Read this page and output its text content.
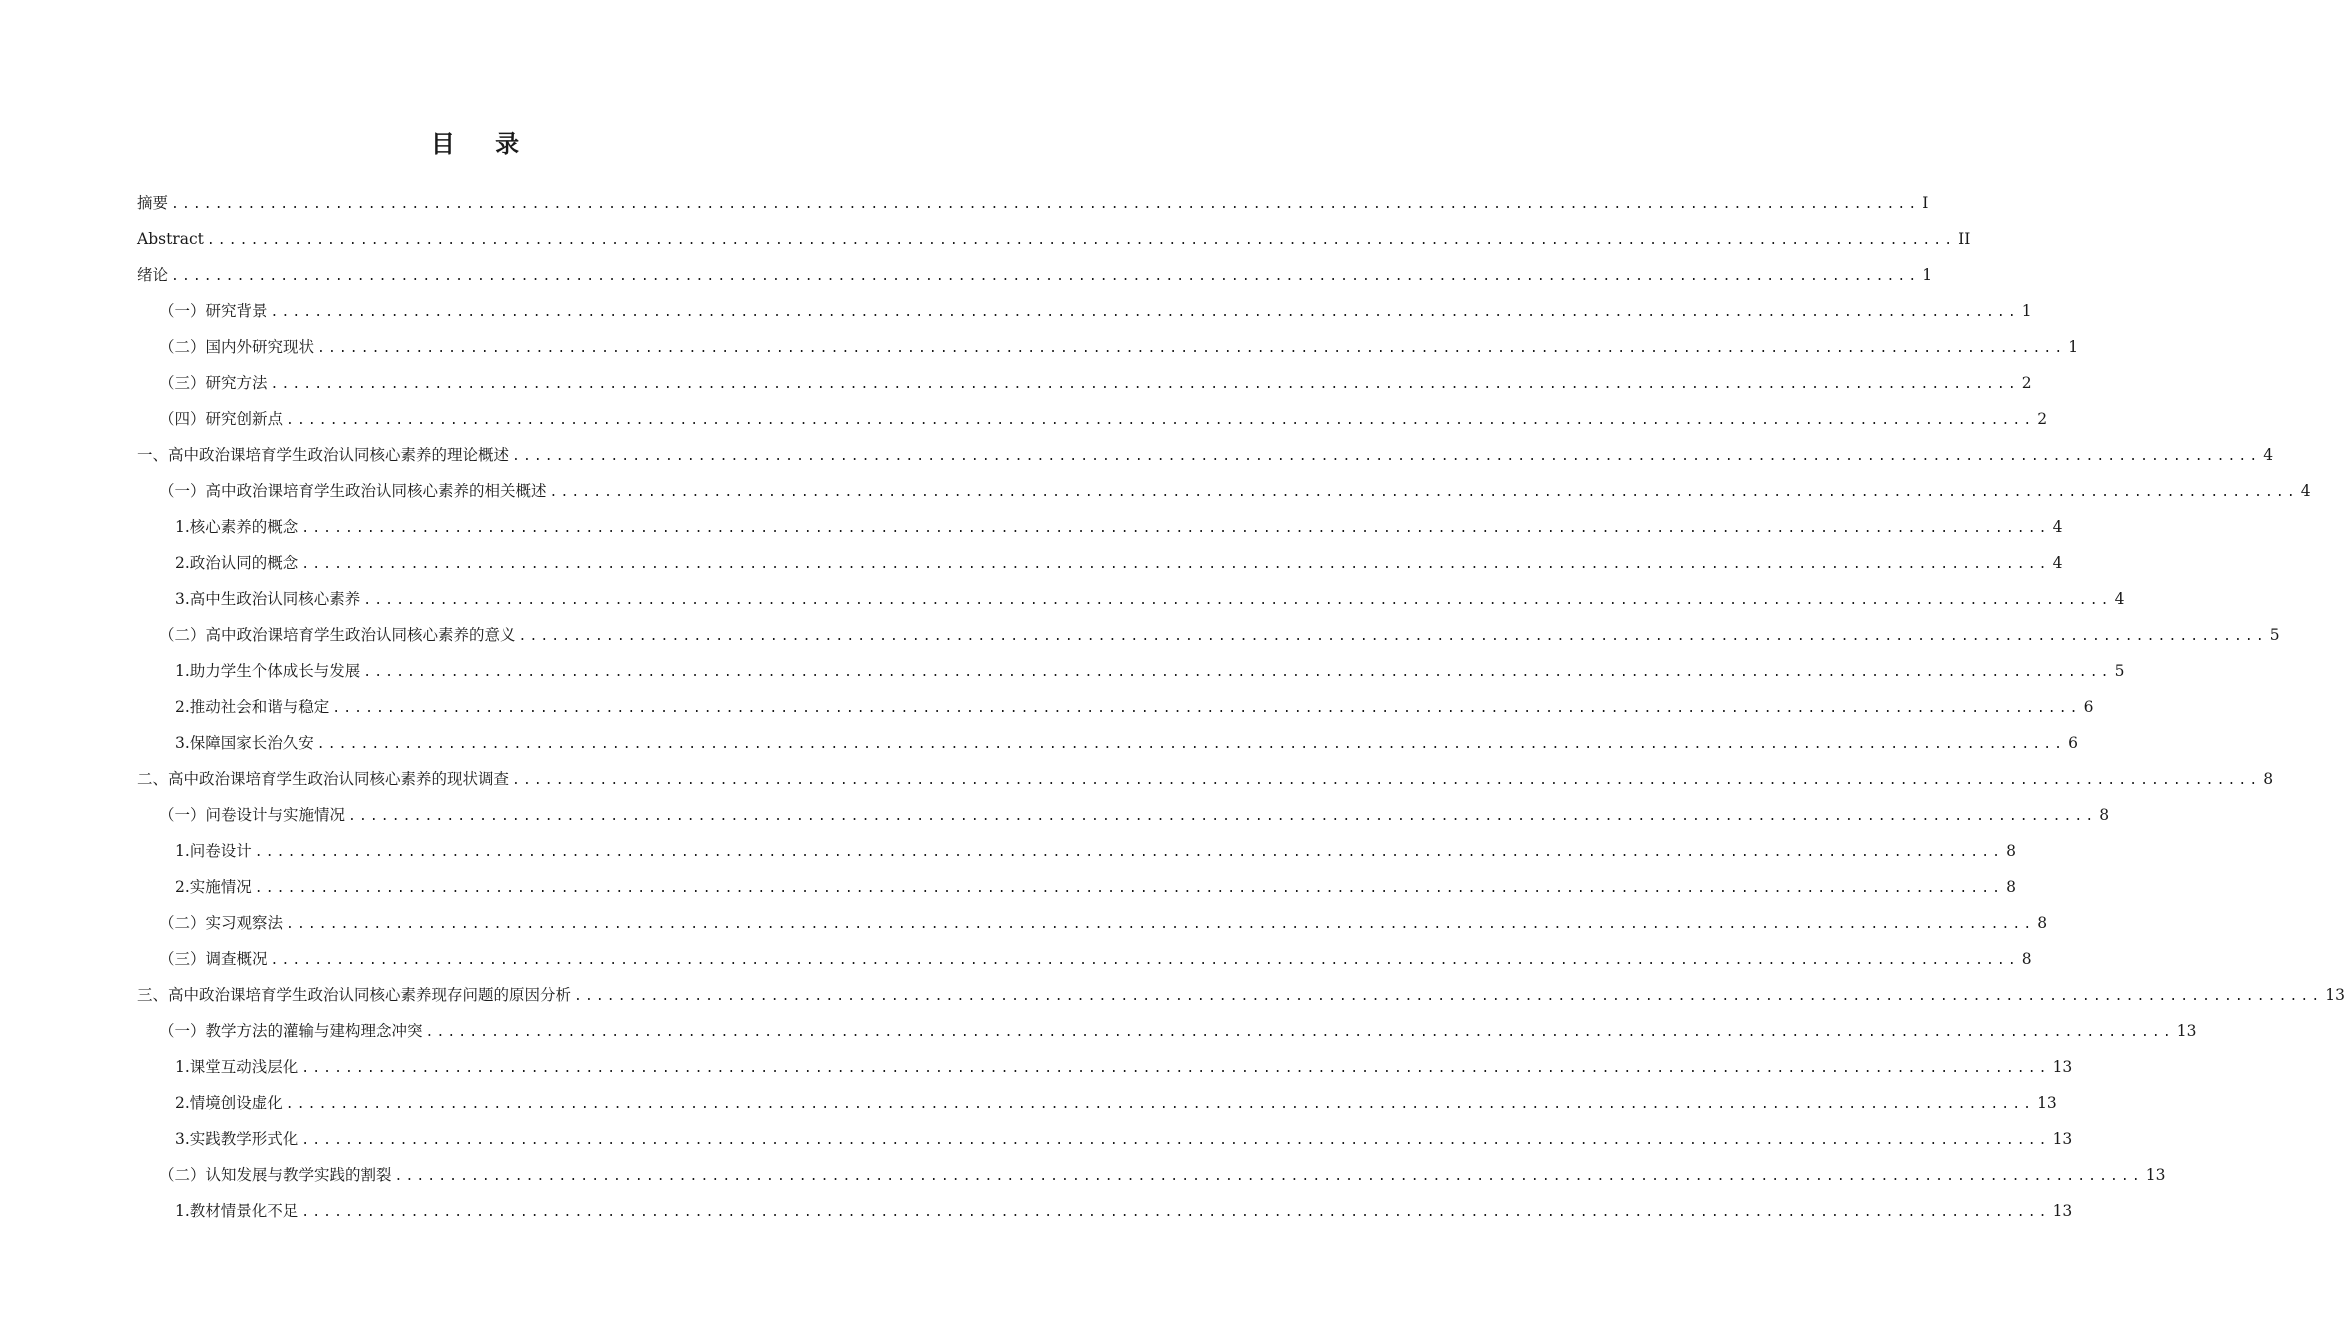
目 录
摘要 ................................................................................................................................................................ I
Abstract ................................................................................................................................................................ II
绪论 ................................................................................................................................................................ 1
（一）研究背景 ................................................................................................................................................................ 1
（二）国内外研究现状 ................................................................................................................................................................ 1
（三）研究方法 ................................................................................................................................................................ 2
（四）研究创新点 ................................................................................................................................................................ 2
一、高中政治课培育学生政治认同核心素养的理论概述 ................................................................................................................................................................ 4
（一）高中政治课培育学生政治认同核心素养的相关概述 ................................................................................................................................................................ 4
1.核心素养的概念 ................................................................................................................................................................ 4
2.政治认同的概念 ................................................................................................................................................................ 4
3.高中生政治认同核心素养 ................................................................................................................................................................ 4
（二）高中政治课培育学生政治认同核心素养的意义 ................................................................................................................................................................ 5
1.助力学生个体成长与发展 ................................................................................................................................................................ 5
2.推动社会和谐与稳定 ................................................................................................................................................................ 6
3.保障国家长治久安 ................................................................................................................................................................ 6
二、高中政治课培育学生政治认同核心素养的现状调查 ................................................................................................................................................................ 8
（一）问卷设计与实施情况 ................................................................................................................................................................ 8
1.问卷设计 ................................................................................................................................................................ 8
2.实施情况 ................................................................................................................................................................ 8
（二）实习观察法 ................................................................................................................................................................ 8
（三）调查概况 ................................................................................................................................................................ 8
三、高中政治课培育学生政治认同核心素养现存问题的原因分析 ................................................................................................................................................................ 13
（一）教学方法的灌输与建构理念冲突 ................................................................................................................................................................ 13
1.课堂互动浅层化 ................................................................................................................................................................ 13
2.情境创设虚化 ................................................................................................................................................................ 13
3.实践教学形式化 ................................................................................................................................................................ 13
（二）认知发展与教学实践的割裂 ................................................................................................................................................................ 13
1.教材情景化不足 ................................................................................................................................................................ 13
